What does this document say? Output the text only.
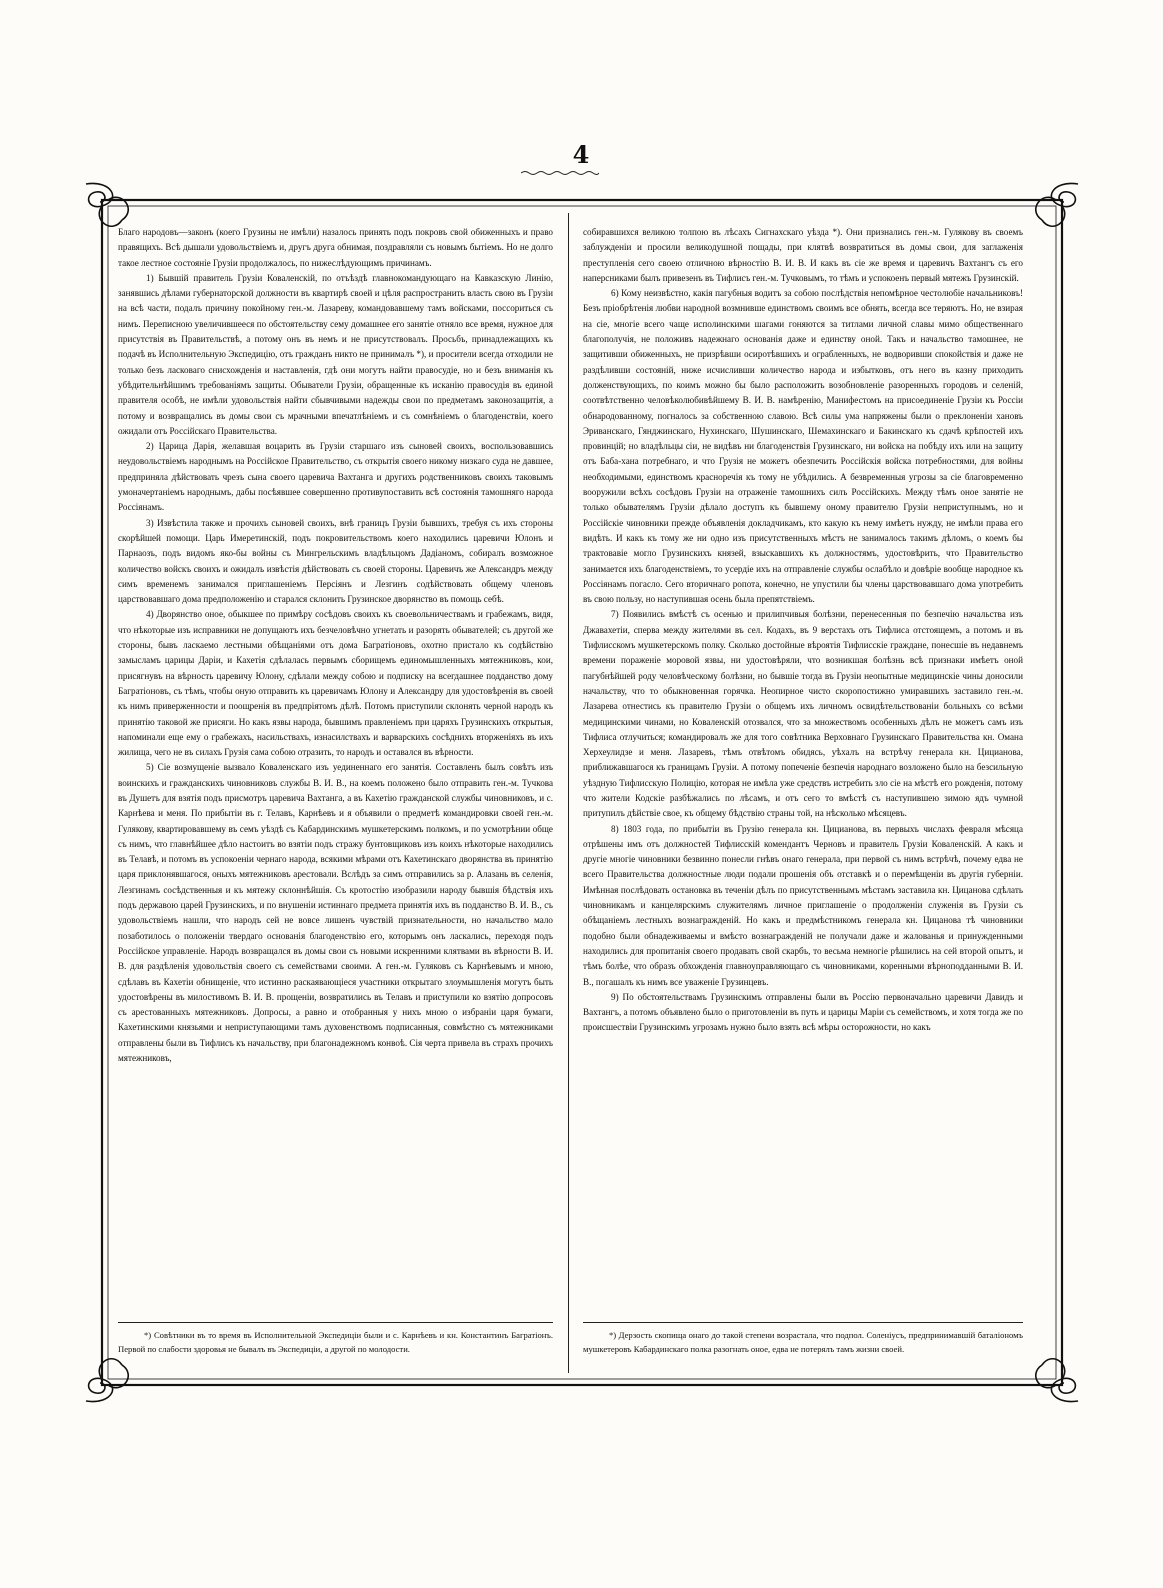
4

Благо народовъ—законъ (коего Грузины не имѣли) назалось принять подъ покровъ свой обиженныхъ и право правящихъ. Всѣ дышали удовольствіемъ и, другъ друга обнимая, поздравляли съ новымъ бытіемъ. Но не долго такое лестное состояніе Грузіи продолжалось, по нижеслѣдующимъ причинамъ.

1) Бывшій правитель Грузіи Коваленскій, по отъѣздѣ главнокомандующаго на Кавказскую Линію, занявшись дѣлами губернаторской должности въ квартирѣ своей и цѣля распространить власть свою въ Грузіи на всѣ части, подалъ причину покойному ген.-м. Лазареву, командовавшему тамъ войсками, поссориться съ нимъ. Переписною увеличившееся по обстоятельству сему домашнее его занятіе отняло все время, нужное для присутствія въ Правительствѣ, а потому онъ въ немъ и не присутствовалъ. Просьбъ, принадлежащихъ къ подачѣ въ Исполнительную Экспедицію, отъ гражданъ никто не принималъ *), и просители всегда отходили не только безъ ласковаго снисхожденія и наставленія, гдѣ они могутъ найти правосудіе, но и безъ вниманія къ убѣдительнѣйшимъ требованіямъ защиты. Обыватели Грузіи, обращенные къ исканію правосудія въ единой правителя особѣ, не имѣли удовольствія найти сбывчивыми надежды свои по предметамъ законозащитія, а потому и возвращались въ домы свои съ мрачными впечатлѣніемъ и съ сомнѣніемъ о благоденствіи, коего ожидали отъ Россійскаго Правительства.

2) Царица Дарія, желавшая воцарить въ Грузіи старшаго изъ сыновей своихъ, воспользовавшись неудовольствіемъ народнымъ на Россійское Правительство, съ открытія своего никому низкаго суда не давшее, предприняла дѣйствовать чрезъ сына своего царевича Вахтанга и другихъ родственниковъ своихъ таковымъ умоначертаніемъ народнымъ, дабы посѣявшее совершенно противупоставить всѣ состоянія тамошняго народа Россіянамъ.

3) Извѣстила также и прочихъ сыновей своихъ, внѣ границъ Грузіи бывшихъ, требуя съ ихъ стороны скорѣйшей помощи. Царь Имеретинскій, подъ покровительствомъ коего находились царевичи Юлонъ и Парнаозъ, подъ видомъ яко-бы войны съ Мингрельскимъ владѣльцомъ Дадіаномъ, собиралъ возможное количество войскъ своихъ и ожидалъ извѣстія дѣйствовать съ своей стороны. Царевичъ же Александръ между симъ временемъ занимался приглашеніемъ Персіянъ и Лезгинъ содѣйствовать общему членовъ царствовавшаго дома предположенію и старался склонить Грузинское дворянство въ помощь себѣ.

4) Дворянство оное, обыкшее по примѣру сосѣдовъ своихъ къ своевольничествамъ и грабежамъ, видя, что нѣкоторые изъ исправники не допущаютъ ихъ безчеловѣчно угнетать и разорять обывателей; съ другой же стороны, бывъ ласкаемо лестными обѣщаніями отъ дома Багратіоновъ, охотно пристало къ содѣйствію замысламъ царицы Даріи, и Кахетія сдѣлалась первымъ сборищемъ единомышленныхъ мятежниковъ, кои, присягнувъ на вѣрность царевичу Юлону, сдѣлали между собою и подписку на всегдашнее подданство дому Багратіоновъ, съ тѣмъ, чтобы оную отправить къ царевичамъ Юлону и Александру для удостовѣренія въ своей къ нимъ приверженности и поощренія въ предпріятомъ дѣлѣ. Потомъ приступили склонять черной народъ къ принятію таковой же присяги. Но какъ язвы народа, бывшимъ правленіемъ при царяхъ Грузинскихъ открытыя, напоминали еще ему о грабежахъ, насильствахъ, изнасилствахъ и варварскихъ сосѣднихъ вторженіяхъ въ ихъ жилища, чего не въ силахъ Грузія сама собою отразить, то народъ и оставался въ вѣрноcти.

5) Сіе возмущеніе вызвало Коваленскаго изъ уединеннаго его занятія. Составленъ былъ совѣтъ изъ воинскихъ и гражданскихъ чиновниковъ службы В. И. В., на коемъ положено было отправить ген.-м. Тучкова въ Душетъ для взятія подъ присмотръ царевича Вахтанга, а въ Кахетію гражданской службы чиновниковъ, и с. Карнѣева и меня. По прибытіи въ г. Телавъ, Карнѣевъ и я объявили о предметѣ командировки своей ген.-м. Гулякову, квартировавшему въ семъ уѣздѣ съ Кабардинскимъ мушкетерскимъ полкомъ, и по усмотрѣнии обще съ нимъ, что главнѣйшее дѣло настоитъ во взятіи подъ стражу бунтовщиковъ изъ коихъ нѣкоторые находились въ Телавѣ, и потомъ въ успокоеніи чернаго народа, всякими мѣрами отъ Кахетинскаго дворянства въ принятію царя приклонявшагося, оныхъ мятежниковъ арестовали. Вслѣдъ за симъ отправились за р. Алазань въ селенія, Лезгинамъ сосѣдственныя и къ мятежу склоннѣйшія. Съ кротостію изобразили народу бывшія бѣдствія ихъ подъ державою царей Грузинскихъ, и по внушеніи истиннаго предмета принятія ихъ въ подданство В. И. В., съ удовольствіемъ нашли, что народъ сей не вовсе лишенъ чувствій признательности, но начальство мало позаботилось о положеніи твердаго основанія благоденствію его, которымъ онъ ласкались, переходя подъ Россійское управленіе. Народъ возвращался въ домы свои съ новыми искренними клятвами въ вѣрности В. И. В. для раздѣленія удовольствія своего съ семействами своими. А ген.-м. Гуляковъ съ Карнѣевымъ и мною, сдѣлавъ въ Кахетіи обнищеніе, что истинно раскаявающіеся участники открытаго злоумышленія могутъ быть удостовѣрены въ милостивомъ В. И. В. прощеніи, возвратились въ Телавъ и приступили ко взятію допросовъ съ арестованныхъ мятежниковъ. Допросы, а равно и отобранныя у нихъ мною о избраніи царя бумаги, Кахетинскими князьями и неприступающими тамъ духовенствомъ подписанныя, совмѣстно съ мятежниками отправлены были въ Тифлисъ къ начальству, при благонадежномъ конвоѣ. Сія черта привела въ страхъ прочихъ мятежниковъ,

собиравшихся великою толпою въ лѣсахъ Сигнахскаго уѣзда *). Они признались ген.-м. Гулякову въ своемъ заблужденіи и просили великодушной пощады, при клятвѣ возвратиться въ домы свои, для заглаженія преступленія сего своею отличною вѣрностію В. И. В. И какъ въ сіе же время и царевичъ Вахтангъ съ его наперсниками былъ привезенъ въ Тифлисъ ген.-м. Тучковымъ, то тѣмъ и успокоенъ первый мятежъ Грузинскій.

6) Кому неизвѣстно, какія пагубныя водитъ за собою послѣдствія непомѣрное честолюбіе начальниковъ! Безъ пріобрѣтенія любви народной возмнивше единствомъ своимъ все обнять, всегда все теряютъ. Но, не взирая на сіе, многіе всего чаще исполинскими шагами гоняются за титлами личной славы мимо общественнаго благополучія, не положивъ надежнаго основанія даже и единству оной. Такъ и начальство тамошнее, не защитивши обиженныхъ, не призрѣвши осиротѣвшихъ и ограбленныхъ, не водворивши спокойствія и даже не раздѣливши состояній, ниже исчисливши количество народа и избытковъ, отъ него въ казну приходить долженствующихъ, по коимъ можно бы было расположить возобновленіе разоренныхъ городовъ и селеній, соотвѣтственно человѣколюбивѣйшему В. И. В. намѣренію, Манифестомъ на присоединеніе Грузіи къ Россіи обнародованному, погналось за собственною славою. Всѣ силы ума напряжены были о преклоненіи хановъ Эриванскаго, Гянджинскаго, Нухинскаго, Шушинскаго, Шемахинскаго и Бакинскаго къ сдачѣ крѣпостей ихъ провинцій; но владѣльцы сіи, не видѣвъ ни благоденствія Грузинскаго, ни войска на побѣду ихъ или на защиту отъ Баба-хана потребнаго, и что Грузія не можетъ обезпечить Россійскія войска потребностями, для войны необходимыми, единствомъ красноречія къ тому не убѣдились. А безвременныя угрозы за сіе благовременно вооружили всѣхъ сосѣдовъ Грузіи на отраженіе тамошнихъ силъ Россійскихъ. Между тѣмъ оное занятіе не только обывателямъ Грузіи дѣлало доступъ къ бывшему оному правителю Грузіи неприступнымъ, но и Россійскіе чиновники прежде объявленія докладчикамъ, кто какую къ нему имѣетъ нужду, не имѣли права его видѣть. И какъ къ тому же ни одно изъ присутственныхъ мѣстъ не занималось такимъ дѣломъ, о коемъ бы трактовавіе могло Грузинскихъ князей, взыскавшихъ къ должностямъ, удостовѣрить, что Правительство занимается ихъ благоденствіемъ, то усердіе ихъ на отправленіе службы ослабѣло и довѣріе вообще народное къ Россіянамъ погасло. Сего вторичнаго ропота, конечно, не упустили бы члены царствовавшаго дома употребить въ свою пользу, но наступившая осень была препятствіемъ.

7) Появились вмѣстѣ съ осенью и прилипчивыя болѣзни, перенесенныя по безпечію начальства изъ Джавахетіи, сперва между жителями въ сел. Кодахъ, въ 9 верстахъ отъ Тифлиса отстоящемъ, а потомъ и въ Тифлисскомъ мушкетерскомъ полку. Сколько достойные вѣроятія Тифлисскіе граждане, понесшіе въ недавнемъ времени пораженіе моровой язвы, ни удостовѣряли, что возникшая болѣзнь всѣ признаки имѣетъ оной пагубнѣйшей роду человѣческому болѣзни, но бывшіе тогда въ Грузіи неопытные медицинскіе чины доносили начальству, что то обыкновенная горячка. Неопирное чисто скоропостижно умиравшихъ заставило ген.-м. Лазарева отнестись къ правителю Грузіи о общемъ ихъ личномъ освидѣтельствованіи больныхъ со всѣми медицинскими чинами, но Коваленскій отозвался, что за множествомъ особенныхъ дѣлъ не можетъ самъ изъ Тифлиса отлучиться; командировалъ же для того совѣтника Верховнаго Грузинскаго Правительства кн. Омана Херхеулидзе и меня. Лазаревъ, тѣмъ отвѣтомъ обидясь, уѣхалъ на встрѣчу генерала кн. Цицианова, приближавшагося къ границамъ Грузіи. А потому попеченіе безпечія народнаго возложено было на безсильную уѣздную Тифлисскую Полицію, которая не имѣла уже средствъ истребить зло сіе на мѣстѣ его рожденія, потому что жители Кодскіе разбѣжались по лѣсамъ, и отъ сего то вмѣстѣ съ наступившею зимою ядъ чумной притупилъ дѣйствіе свое, къ общему бѣдствію страны той, на нѣсколько мѣсяцевъ.

8) 1803 года, по прибытіи въ Грузію генерала кн. Цицианова, въ первыхъ числахъ февраля мѣсяца отрѣшены имъ отъ должностей Тифлисскій комендантъ Черновъ и правитель Грузіи Коваленскій. А какъ и другіе многіе чиновники безвинно понесли гнѣвъ онаго генерала, при первой съ нимъ встрѣчѣ, почему едва не всего Правительства должностные люди подали прошенія объ отставкѣ и о перемѣщеніи въ другія губерніи. Имѣнная послѣдовать остановка въ теченіи дѣлъ по присутственнымъ мѣстамъ заставила кн. Цицанова сдѣлать чиновникамъ и канцелярскимъ служителямъ личное приглашеніе о продолженіи служенія въ Грузіи съ обѣщаніемъ лестныхъ вознагражденій. Но какъ и предмѣстникомъ генерала кн. Цицанова тѣ чиновники подобно были обнадеживаемы и вмѣсто вознагражденій не получали даже и жалованья и принужденными находились для пропитанія своего продавать свой скарбъ, то весьма немногіе рѣшились на сей второй опытъ, и тѣмъ болѣе, что образъ обхожденія главноуправляющаго съ чиновниками, коренными вѣрноподданными В. И. В., погашалъ къ нимъ все уваженіе Грузинцевъ.

9) По обстоятельствамъ Грузинскимъ отправлены были въ Россію первоначально царевичи Давидъ и Вахтангъ, а потомъ объявлено было о приготовленіи въ путь и царицы Маріи съ семействомъ, и хотя тогда же по происшествіи Грузинскимъ угрозамъ нужно было взять всѣ мѣры осторожности, но какъ

*) Совѣтники въ то время въ Исполнительной Экспедиціи были и с. Карнѣевъ и кн. Константинъ Багратіонъ. Первой по слабости здоровья не бывалъ въ Экспедиціи, а другой по молодости.

*) Дерзость скопища онаго до такой степени возрастала, что подпол. Соленіусъ, предпринимавшій баталіономъ мушкетеровъ Кабардинскаго полка разогнать оное, едва не потерялъ тамъ жизни своей.
